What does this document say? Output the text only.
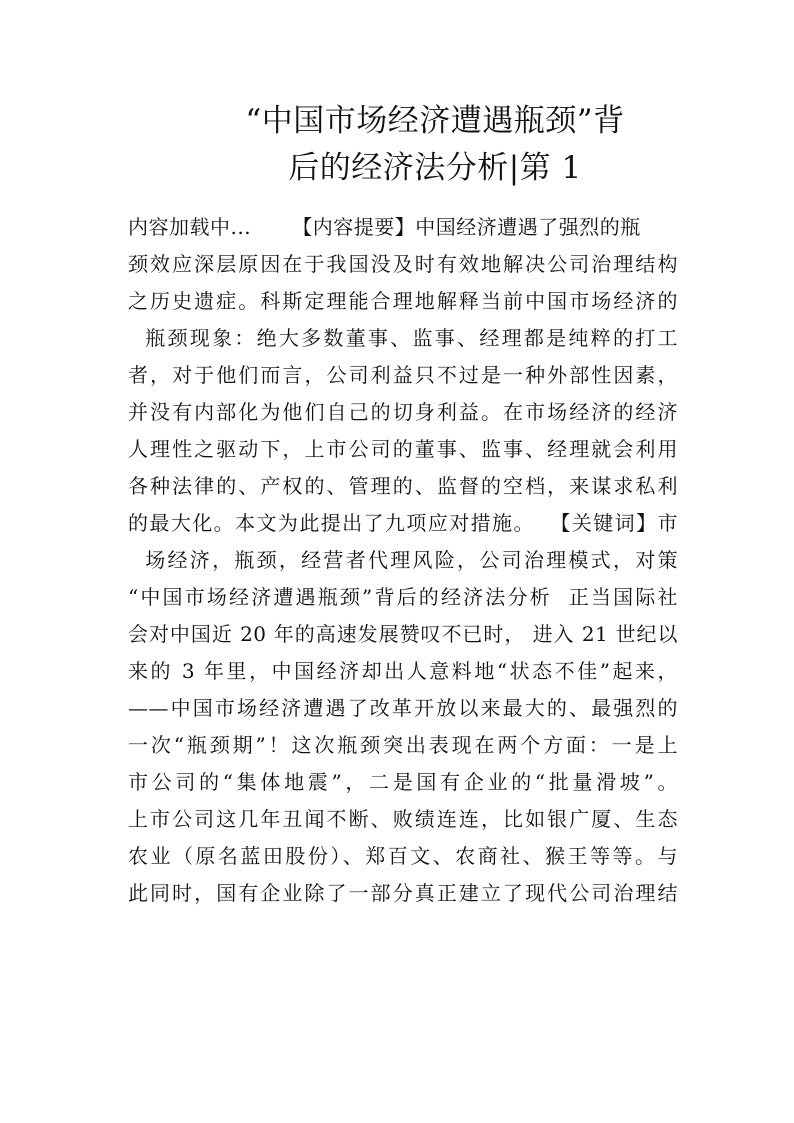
“中国市场经济遭遇瓶颈”背
后的经济法分析|第 1
内容加载中...      【内容提要】中国经济遭遇了强烈的瓶
颈效应深层原因在于我国没及时有效地解决公司治理结构
之历史遗症。科斯定理能合理地解释当前中国市场经济的
瓶颈现象：绝大多数董事、监事、经理都是纯粹的打工
者，对于他们而言，公司利益只不过是一种外部性因素，
并没有内部化为他们自己的切身利益。在市场经济的经济
人理性之驱动下，上市公司的董事、监事、经理就会利用
各种法律的、产权的、管理的、监督的空档，来谋求私利
的最大化。本文为此提出了九项应对措施。  【关键词】市
场经济，瓶颈，经营者代理风险，公司治理模式，对策
“中国市场经济遭遇瓶颈”背后的经济法分析  正当国际社
会对中国近 20 年的高速发展赞叹不已时， 进入 21 世纪以
来的 3 年里，中国经济却出人意料地“状态不佳”起来，
——中国市场经济遭遇了改革开放以来最大的、最强烈的
一次“瓶颈期”！这次瓶颈突出表现在两个方面：一是上
市公司的“集体地震”，二是国有企业的“批量滑坡”。
上市公司这几年丑闻不断、败绩连连，比如银广厦、生态
农业（原名蓝田股份）、郑百文、农商社、猴王等等。与
此同时，国有企业除了一部分真正建立了现代公司治理结
